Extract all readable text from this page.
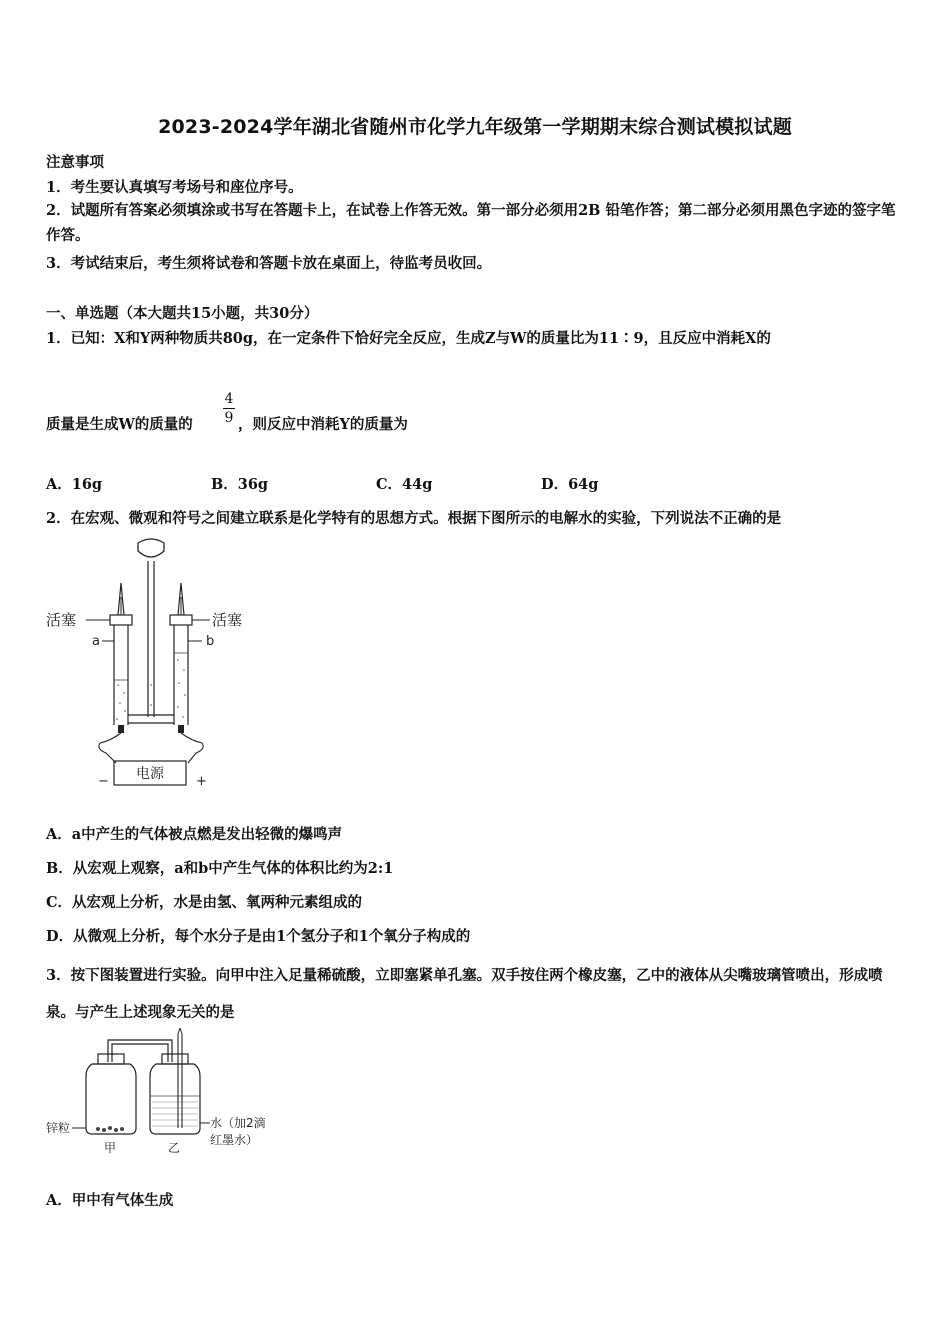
2023-2024学年湖北省随州市化学九年级第一学期期末综合测试模拟试题
注意事项
1．考生要认真填写考场号和座位序号。
2．试题所有答案必须填涂或书写在答题卡上，在试卷上作答无效。第一部分必须用2B 铅笔作答；第二部分必须用黑色字迹的签字笔作答。
3．考试结束后，考生须将试卷和答题卡放在桌面上，待监考员收回。
一、单选题（本大题共15小题，共30分）
1．已知：X和Y两种物质共80g，在一定条件下恰好完全反应，生成Z与W的质量比为11∶9，且反应中消耗X的
质量是生成W的质量的
4
9 ，则反应中消耗Y的质量为
A．16g	B．36g	C．44g	D．64g
2．在宏观、微观和符号之间建立联系是化学特有的思想方式。根据下图所示的电解水的实验，下列说法不正确的是
活塞	活塞
a	b
电源
−	+
A．a中产生的气体被点燃是发出轻微的爆鸣声
B．从宏观上观察，a和b中产生气体的体积比约为2:1
C．从宏观上分析，水是由氢、氧两种元素组成的
D．从微观上分析，每个水分子是由1个氢分子和1个氧分子构成的
3．按下图装置进行实验。向甲中注入足量稀硫酸，立即塞紧单孔塞。双手按住两个橡皮塞，乙中的液体从尖嘴玻璃管喷出，形成喷泉。与产生上述现象无关的是
锌粒
甲	乙
水（加2滴
红墨水）
A．甲中有气体生成
